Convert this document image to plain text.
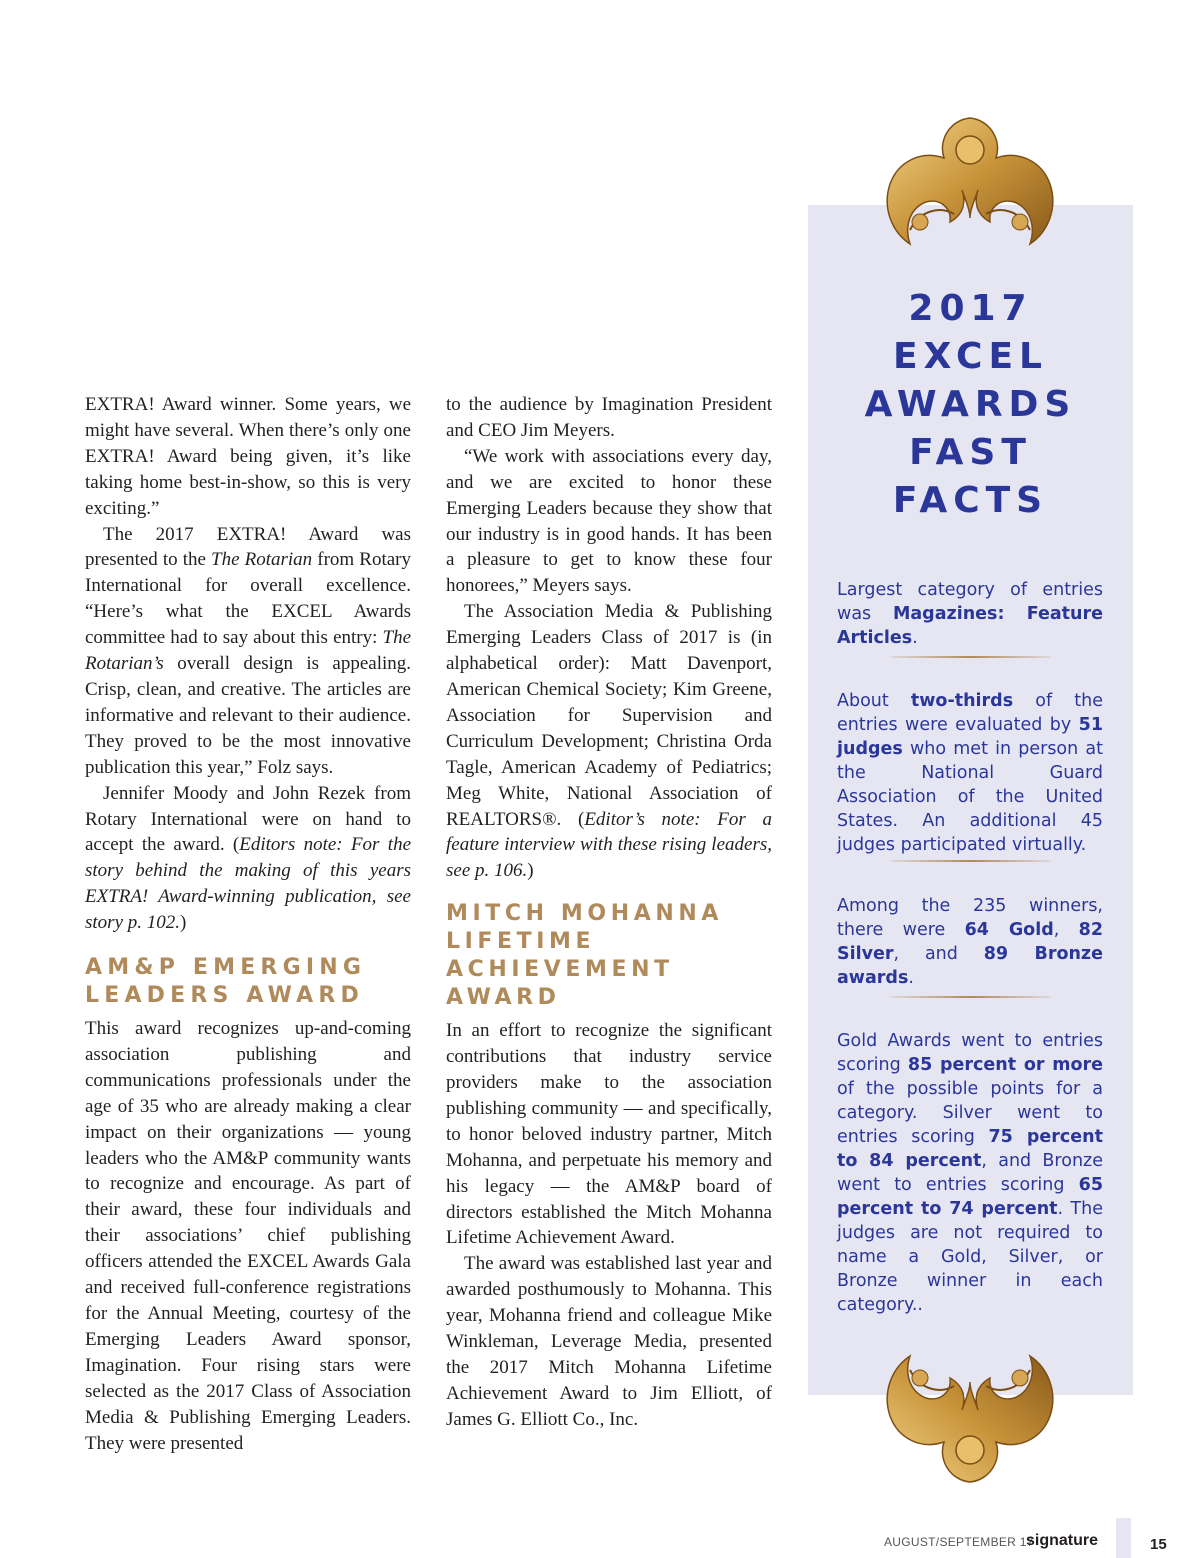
EXTRA! Award winner. Some years, we might have several. When there’s only one EXTRA! Award being given, it’s like taking home best-in-show, so this is very exciting.”

The 2017 EXTRA! Award was presented to the The Rotarian from Rotary International for overall excellence. “Here’s what the EXCEL Awards committee had to say about this entry: The Rotarian’s overall design is appealing. Crisp, clean, and creative. The articles are informative and relevant to their audience. They proved to be the most innovative publication this year,” Folz says.

Jennifer Moody and John Rezek from Rotary International were on hand to accept the award. (Editors note: For the story behind the making of this years EXTRA! Award-winning publication, see story p. 102.)

AM&P EMERGING LEADERS AWARD

This award recognizes up-and-coming association publishing and communications professionals under the age of 35 who are already making a clear impact on their organizations — young leaders who the AM&P community wants to recognize and encourage. As part of their award, these four individuals and their associations’ chief publishing officers attended the EXCEL Awards Gala and received full-conference registrations for the Annual Meeting, courtesy of the Emerging Leaders Award sponsor, Imagination. Four rising stars were selected as the 2017 Class of Association Media & Publishing Emerging Leaders. They were presented

to the audience by Imagination President and CEO Jim Meyers.

“We work with associations every day, and we are excited to honor these Emerging Leaders because they show that our industry is in good hands. It has been a pleasure to get to know these four honorees,” Meyers says.

The Association Media & Publishing Emerging Leaders Class of 2017 is (in alphabetical order): Matt Davenport, American Chemical Society; Kim Greene, Association for Supervision and Curriculum Development; Christina Orda Tagle, American Academy of Pediatrics; Meg White, National Association of REALTORS®. (Editor’s note: For a feature interview with these rising leaders, see p. 106.)

MITCH MOHANNA LIFETIME ACHIEVEMENT AWARD

In an effort to recognize the significant contributions that industry service providers make to the association publishing community — and specifically, to honor beloved industry partner, Mitch Mohanna, and perpetuate his memory and his legacy — the AM&P board of directors established the Mitch Mohanna Lifetime Achievement Award.

The award was established last year and awarded posthumously to Mohanna. This year, Mohanna friend and colleague Mike Winkleman, Leverage Media, presented the 2017 Mitch Mohanna Lifetime Achievement Award to Jim Elliott, of James G. Elliott Co., Inc.

2017
EXCEL
AWARDS
FAST
FACTS
Largest category of entries was Magazines: Feature Articles.
About two-thirds of the entries were evaluated by 51 judges who met in person at the National Guard Association of the United States. An additional 45 judges participated virtually.
Among the 235 winners, there were 64 Gold, 82 Silver, and 89 Bronze awards.
Gold Awards went to entries scoring 85 percent or more of the possible points for a category. Silver went to entries scoring 75 percent to 84 percent, and Bronze went to entries scoring 65 percent to 74 percent. The judges are not required to name a Gold, Silver, or Bronze winner in each category..
AUGUST/SEPTEMBER 17
signature	15
